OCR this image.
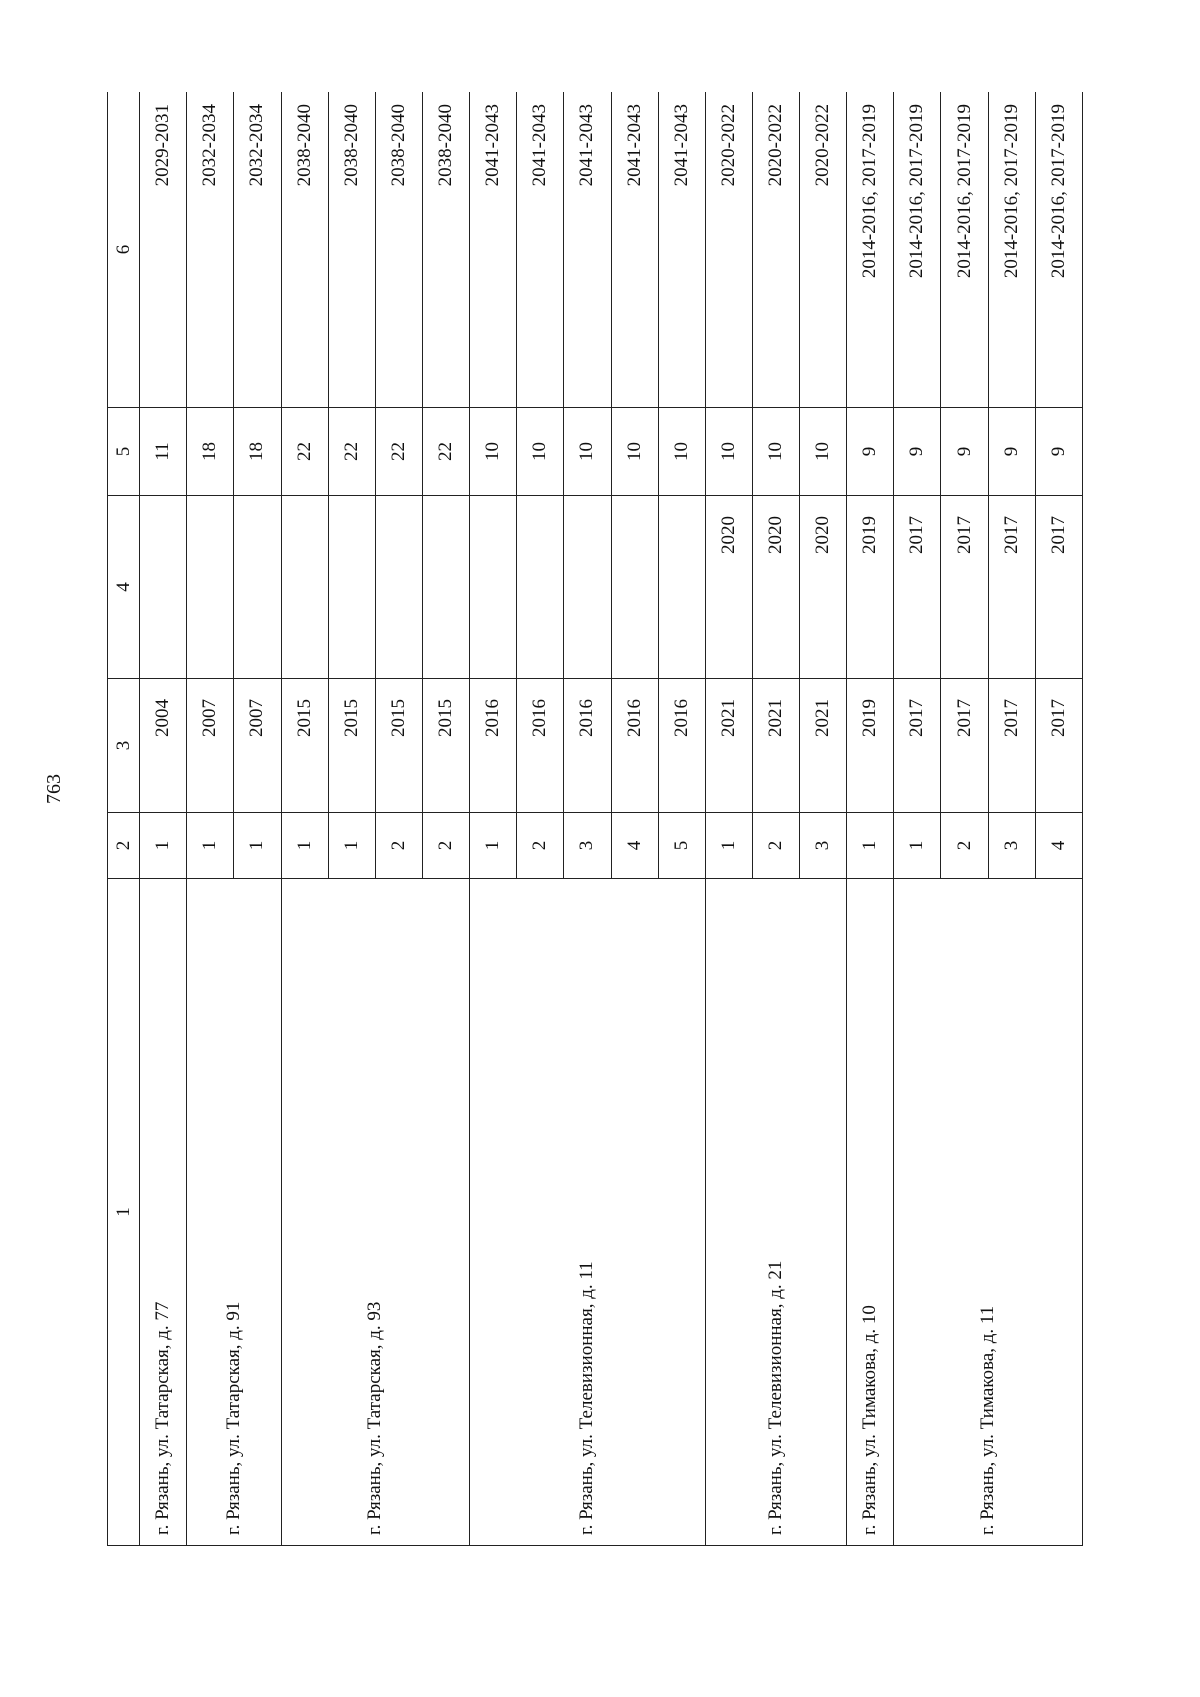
763
1	2	3	4	5	6
г. Рязань, ул. Татарская, д. 77	1	2004		11	2029-2031
г. Рязань, ул. Татарская, д. 91	1	2007		18	2032-2034
	1	2007		18	2032-2034
г. Рязань, ул. Татарская, д. 93	1	2015		22	2038-2040
	1	2015		22	2038-2040
	2	2015		22	2038-2040
	2	2015		22	2038-2040
г. Рязань, ул. Телевизионная, д. 11	1	2016		10	2041-2043
	2	2016		10	2041-2043
	3	2016		10	2041-2043
	4	2016		10	2041-2043
	5	2016		10	2041-2043
г. Рязань, ул. Телевизионная, д. 21	1	2021	2020	10	2020-2022
	2	2021	2020	10	2020-2022
	3	2021	2020	10	2020-2022
г. Рязань, ул. Тимакова, д. 10	1	2019	2019	9	2014-2016, 2017-2019
г. Рязань, ул. Тимакова, д. 11	1	2017	2017	9	2014-2016, 2017-2019
	2	2017	2017	9	2014-2016, 2017-2019
	3	2017	2017	9	2014-2016, 2017-2019
	4	2017	2017	9	2014-2016, 2017-2019
